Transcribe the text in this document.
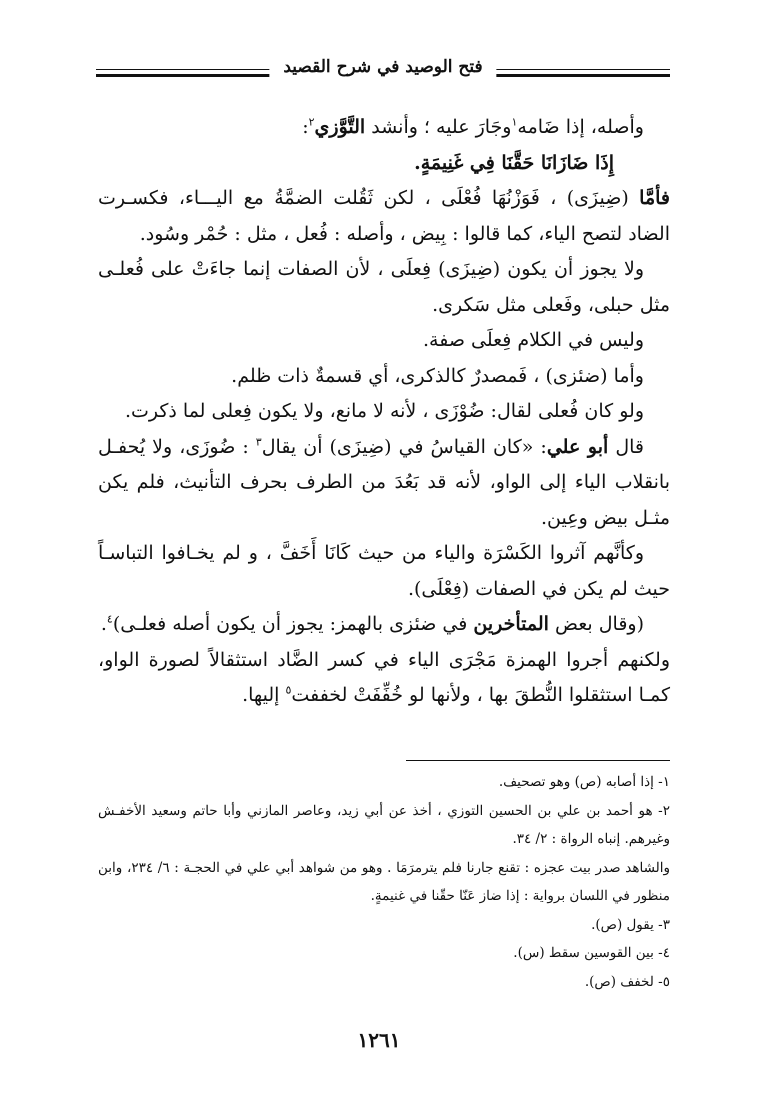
فتح الوصيد في شرح القصيد

وأصله، إذا ضَامه$^١$وجَارَ عليه ؛ وأنشد التَّوَّزي$^٢$:

إِذَا ضَازَانَا حَقَّنَا فِي غَنِيمَةٍ.

فأمَّا (ضِيزَى) ، فَوَزْنُهَا فُعْلَى ، لكن ثَقُلت الضمَّةُ مع اليـــاء، فكسـرت الضاد لتصح الياء، كما قالوا : بِيض ، وأصله : فُعل ، مثل : حُمْر وسُود.

ولا يجوز أن يكون (ضِيزَى) فِعلَى ، لأن الصفات إنما جاءَتْ على فُعلـى مثل حبلى، وفَعلى مثل سَكرى.

وليس في الكلام فِعلَى صفة.

وأما (ضئزى) ، فَمصدرٌ كالذكرى، أي قسمةٌ ذات ظلم.

ولو كان فُعلى لقال: ضُوْزَى ، لأنه لا مانع، ولا يكون فِعلى لما ذكرت.

قال أبو علي: «كان القياسُ في (ضِيزَى) أن يقال$^٣$ : ضُوزَى، ولا يُحفـل بانقلاب الياء إلى الواو، لأنه قد بَعُدَ من الطرف بحرف التأنيث، فلم يكن مثـل بيض وعِين.

وكأنَّهم آثروا الكَسْرَة والياء من حيث كَانَا أَخَفَّ ، و لم يخـافوا التباسـاً حيث لم يكن في الصفات (فِعْلَى).

(وقال بعض المتأخرين في ضئزى بالهمز: يجوز أن يكون أصله فعلـى)$^٤$.

ولكنهم أجروا الهمزة مَجْرَى الياء في كسر الضَّاد استثقالاً لصورة الواو، كمـا استثقلوا النُّطقَ بها ، ولأنها لو خُفِّفَتْ لخففت$^٥$ إليها.

١- إذا أصابه (ص) وهو تصحيف.

٢- هو أحمد بن علي بن الحسين التوزي ، أخذ عن أبي زيد، وعاصر المازني وأبا حاتم وسعيد الأخفـش وغيرهم. إنباه الرواة : ٢/ ٣٤.

والشاهد صدر بيت عجزه : تقنع جارنا فلم يترمرَمَا . وهو من شواهد أبي علي في الحجـة : ٦/ ٢٣٤، وابن منظور في اللسان برواية : إذا ضاز عَنّا حقّنا في غنيمةٍ.

٣- يقول (ص).

٤- بين القوسين سقط (س).

٥- لخفف (ص).

١٢٦١
